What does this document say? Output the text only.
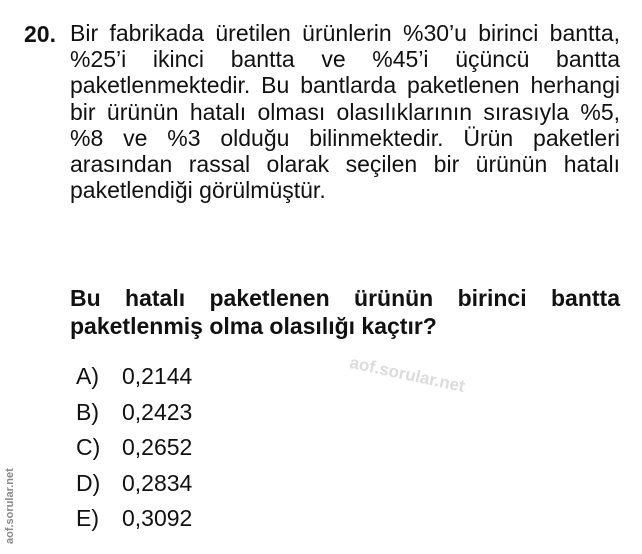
20. Bir fabrikada üretilen ürünlerin %30’u birinci bantta, %25’i ikinci bantta ve %45’i üçüncü bantta paketlenmektedir. Bu bantlarda paketlenen herhangi bir ürünün hatalı olması olasılıklarının sırasıyla %5, %8 ve %3 olduğu bilinmektedir. Ürün paketleri arasından rassal olarak seçilen bir ürünün hatalı paketlendiği görülmüştür.

Bu hatalı paketlenen ürünün birinci bantta paketlenmiş olma olasılığı kaçtır?

aof.sorular.net
A)	0,2144
B)	0,2423
C) 0,2652
D) 0,2834
E)	0,3092
aof.sorular.net
